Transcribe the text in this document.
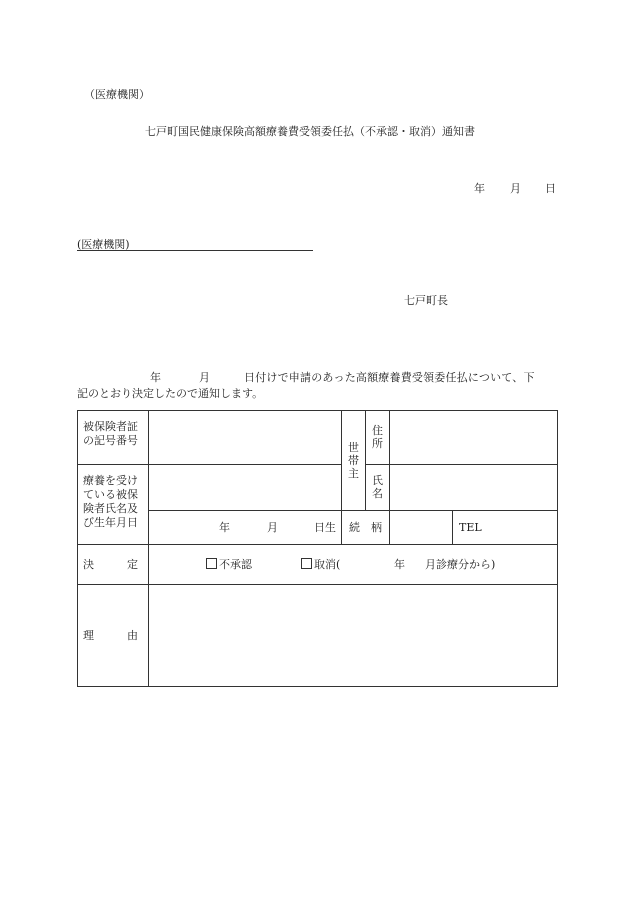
（医療機関）
七戸町国民健康保険高額療養費受領委任払（不承認・取消）通知書
年 月 日
(医療機関)
七戸町長
年	月	日付けで申請のあった高額療養費受領委任払について、下
記のとおり決定したので通知します。
被保険者証の記号番号		世帯主	住所		
療養を受けている被保険者氏名及び生年月日			氏名		

	年 月 日生	続　柄			TEL
決　　　定	不承認 取消( 年 月診療分から)				

理　　　由					
